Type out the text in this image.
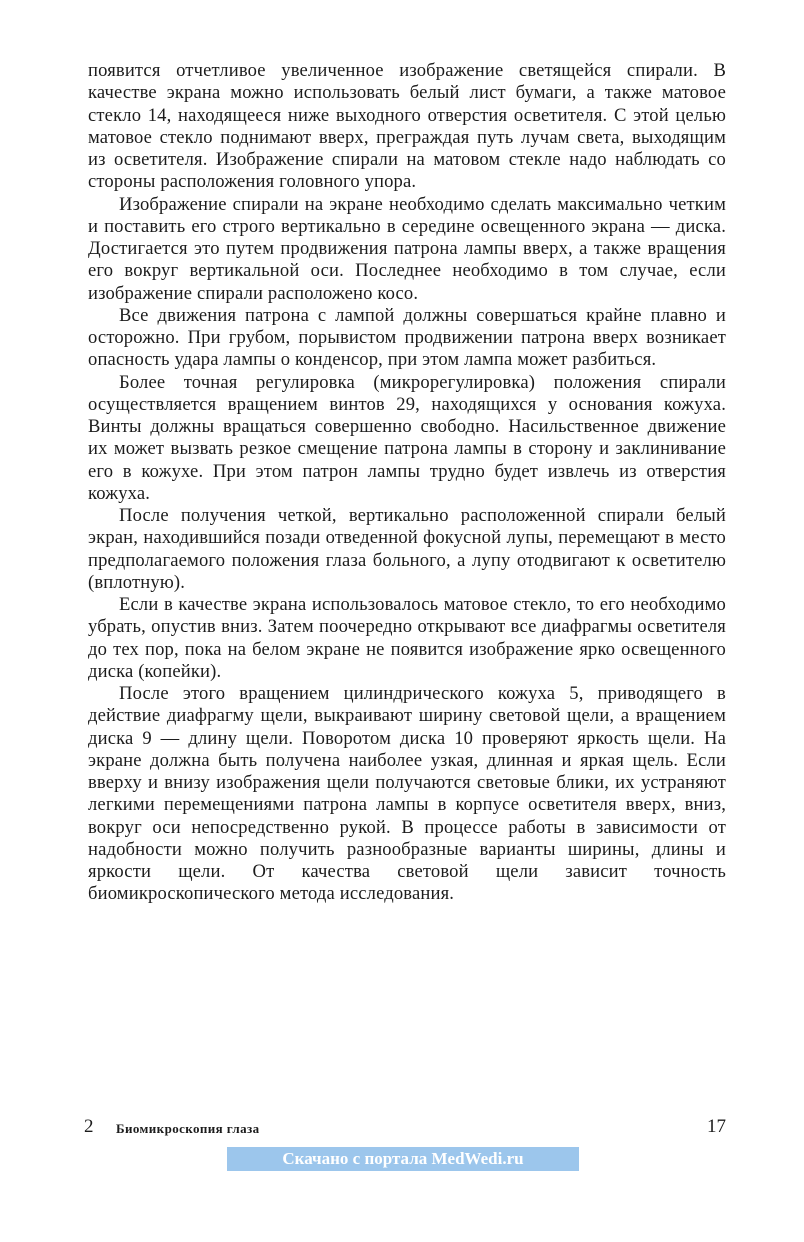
появится отчетливое увеличенное изображение светящейся спирали. В качестве экрана можно использовать белый лист бумаги, а также матовое стекло 14, находящееся ниже выходного отверстия осветителя. С этой целью матовое стекло поднимают вверх, преграждая путь лучам света, выходящим из осветителя. Изображение спирали на матовом стекле надо наблюдать со стороны расположения головного упора.

Изображение спирали на экране необходимо сделать максимально четким и поставить его строго вертикально в середине освещенного экрана — диска. Достигается это путем продвижения патрона лампы вверх, а также вращения его вокруг вертикальной оси. Последнее необходимо в том случае, если изображение спирали расположено косо.

Все движения патрона с лампой должны совершаться крайне плавно и осторожно. При грубом, порывистом продвижении патрона вверх возникает опасность удара лампы о конденсор, при этом лампа может разбиться.

Более точная регулировка (микрорегулировка) положения спирали осуществляется вращением винтов 29, находящихся у основания кожуха. Винты должны вращаться совершенно свободно. Насильственное движение их может вызвать резкое смещение патрона лампы в сторону и заклинивание его в кожухе. При этом патрон лампы трудно будет извлечь из отверстия кожуха.

После получения четкой, вертикально расположенной спирали белый экран, находившийся позади отведенной фокусной лупы, перемещают в место предполагаемого положения глаза больного, а лупу отодвигают к осветителю (вплотную).

Если в качестве экрана использовалось матовое стекло, то его необходимо убрать, опустив вниз. Затем поочередно открывают все диафрагмы осветителя до тех пор, пока на белом экране не появится изображение ярко освещенного диска (копейки).

После этого вращением цилиндрического кожуха 5, приводящего в действие диафрагму щели, выкраивают ширину световой щели, а вращением диска 9 — длину щели. Поворотом диска 10 проверяют яркость щели. На экране должна быть получена наиболее узкая, длинная и яркая щель. Если вверху и внизу изображения щели получаются световые блики, их устраняют легкими перемещениями патрона лампы в корпусе осветителя вверх, вниз, вокруг оси непосредственно рукой. В процессе работы в зависимости от надобности можно получить разнообразные варианты ширины, длины и яркости щели. От качества световой щели зависит точность биомикроскопического метода исследования.

2 Биомикроскопия глаза	17
Скачано с портала MedWedi.ru
